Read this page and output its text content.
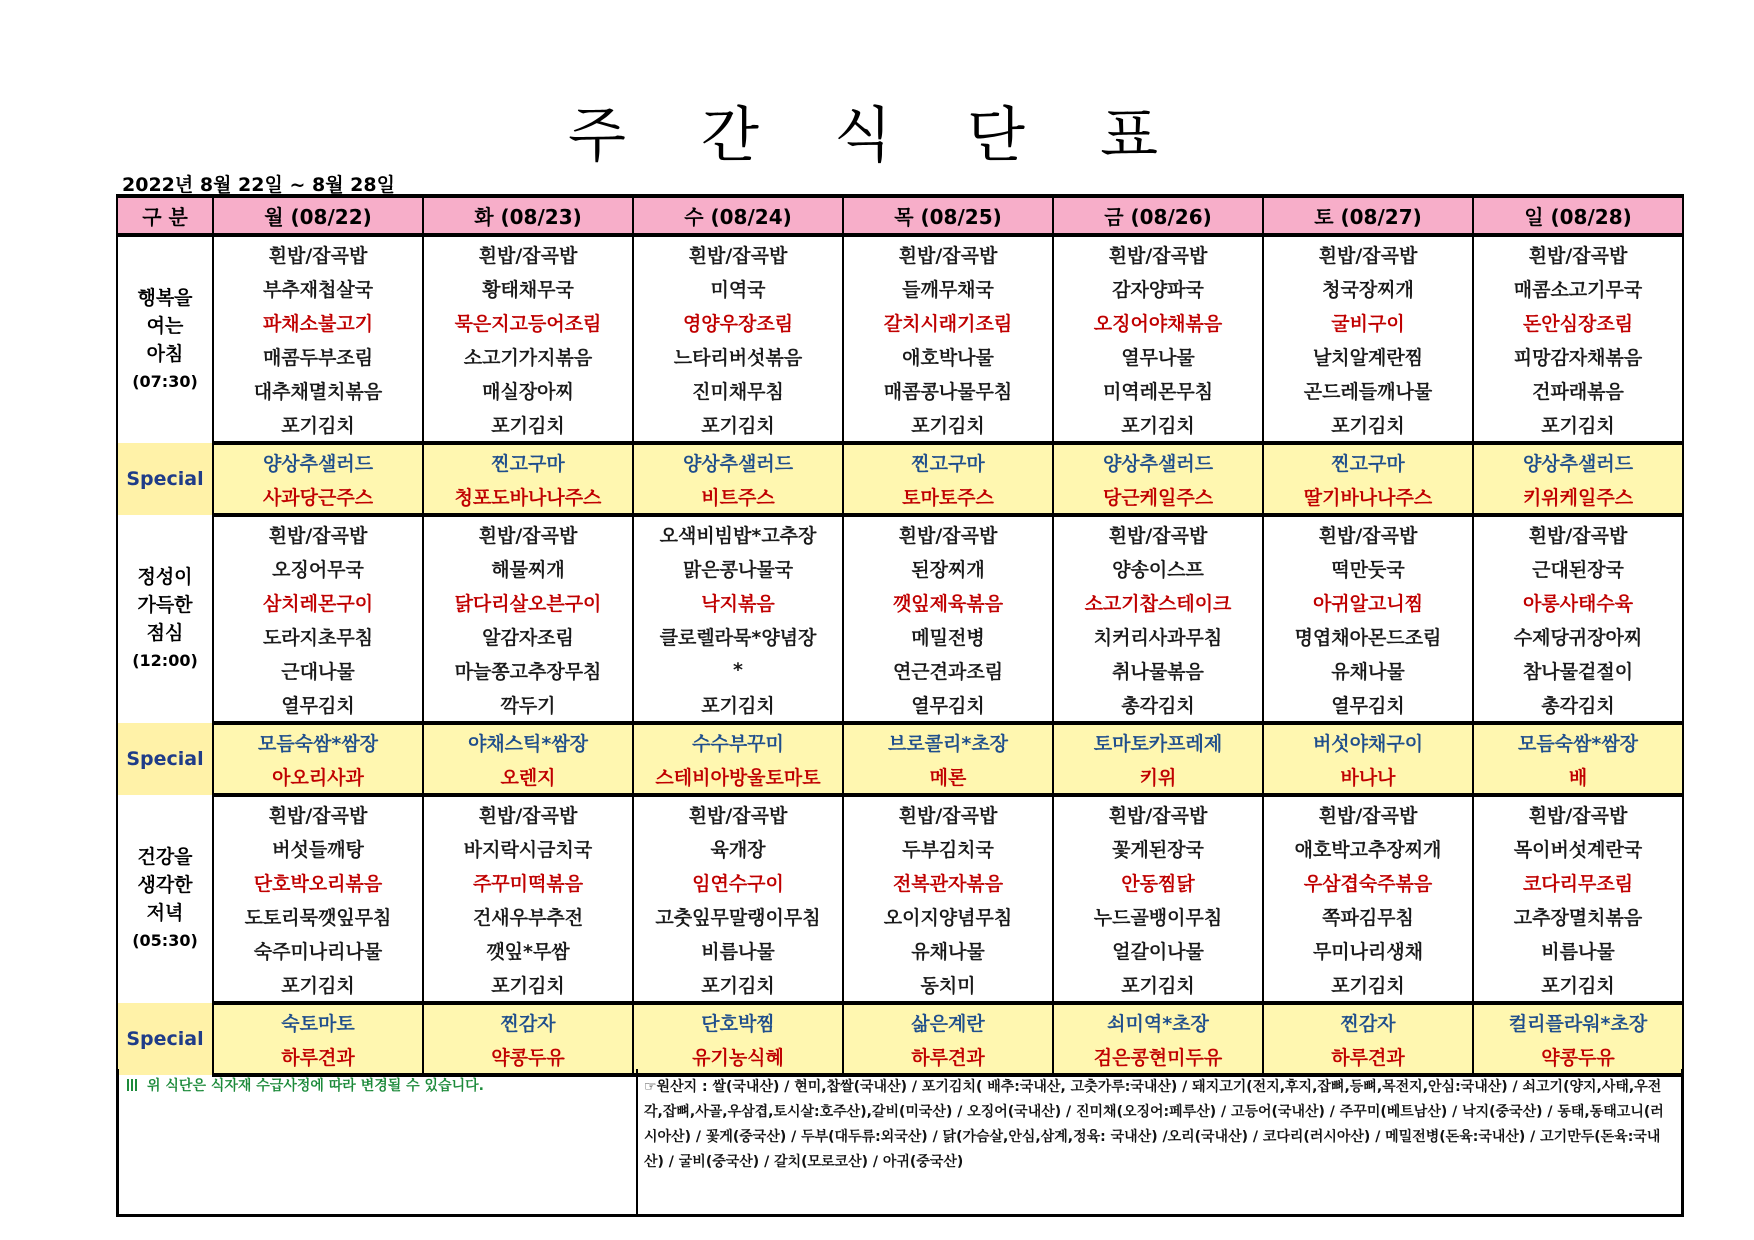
주 간 식 단 표
2022년 8월 22일 ~ 8월 28일
구 분	월 (08/22)	화 (08/23)	수 (08/24)	목 (08/25)	금 (08/26)	토 (08/27)	일 (08/28)

행복을
여는
아침
(07:30)	흰밥/잡곡밥	흰밥/잡곡밥	흰밥/잡곡밥	흰밥/잡곡밥	흰밥/잡곡밥	흰밥/잡곡밥	흰밥/잡곡밥
	부추재첩살국	황태채무국	미역국	들깨무채국	감자양파국	청국장찌개	매콤소고기무국
	파채소불고기	묵은지고등어조림	영양우장조림	갈치시래기조림	오징어야채볶음	굴비구이	돈안심장조림
	매콤두부조림	소고기가지볶음	느타리버섯볶음	애호박나물	열무나물	날치알계란찜	피망감자채볶음
	대추채멸치볶음	매실장아찌	진미채무침	매콤콩나물무침	미역레몬무침	곤드레들깨나물	건파래볶음
	포기김치	포기김치	포기김치	포기김치	포기김치	포기김치	포기김치
Special	양상추샐러드	찐고구마	양상추샐러드	찐고구마	양상추샐러드	찐고구마	양상추샐러드
	사과당근주스	청포도바나나주스	비트주스	토마토주스	당근케일주스	딸기바나나주스	키위케일주스

정성이
가득한
점심
(12:00)	흰밥/잡곡밥	흰밥/잡곡밥	오색비빔밥*고추장	흰밥/잡곡밥	흰밥/잡곡밥	흰밥/잡곡밥	흰밥/잡곡밥
	오징어무국	해물찌개	맑은콩나물국	된장찌개	양송이스프	떡만둣국	근대된장국
	삼치레몬구이	닭다리살오븐구이	낙지볶음	깻잎제육볶음	소고기찹스테이크	아귀알고니찜	아롱사태수육
	도라지초무침	알감자조림	클로렐라묵*양념장	메밀전병	치커리사과무침	명엽채아몬드조림	수제당귀장아찌
	근대나물	마늘쫑고추장무침	*	연근견과조림	취나물볶음	유채나물	참나물겉절이
	열무김치	깍두기	포기김치	열무김치	총각김치	열무김치	총각김치
Special	모듬숙쌈*쌈장	야채스틱*쌈장	수수부꾸미	브로콜리*초장	토마토카프레제	버섯야채구이	모듬숙쌈*쌈장
	아오리사과	오렌지	스테비아방울토마토	메론	키위	바나나	배

건강을
생각한
저녁
(05:30)	흰밥/잡곡밥	흰밥/잡곡밥	흰밥/잡곡밥	흰밥/잡곡밥	흰밥/잡곡밥	흰밥/잡곡밥	흰밥/잡곡밥
	버섯들깨탕	바지락시금치국	육개장	두부김치국	꽃게된장국	애호박고추장찌개	목이버섯계란국
	단호박오리볶음	주꾸미떡볶음	임연수구이	전복관자볶음	안동찜닭	우삼겹숙주볶음	코다리무조림
	도토리묵깻잎무침	건새우부추전	고춧잎무말랭이무침	오이지양념무침	누드골뱅이무침	쪽파김무침	고추장멸치볶음
	숙주미나리나물	깻잎*무쌈	비름나물	유채나물	얼갈이나물	무미나리생채	비름나물
	포기김치	포기김치	포기김치	동치미	포기김치	포기김치	포기김치
Special	숙토마토	찐감자	단호박찜	삶은계란	쇠미역*초장	찐감자	컬리플라워*초장
	하루견과	약콩두유	유기농식혜	하루견과	검은콩현미두유	하루견과	약콩두유
위 식단은 식자재 수급사정에 따라 변경될 수 있습니다.	☞원산지 : 쌀(국내산) / 현미,찹쌀(국내산) / 포기김치( 배추:국내산, 고춧가루:국내산) / 돼지고기(전지,후지,잡뼈,등뼈,목전지,안심:국내산) / 쇠고기(양지,사태,우전각,잡뼈,사골,우삼겹,토시살:호주산),갈비(미국산) / 오징어(국내산) / 진미채(오징어:페루산) / 고등어(국내산) / 주꾸미(베트남산) / 낙지(중국산) / 동태,동태고니(러시아산) / 꽃게(중국산) / 두부(대두류:외국산) / 닭(가슴살,안심,삼계,정육: 국내산) /오리(국내산) / 코다리(러시아산) / 메밀전병(돈육:국내산) / 고기만두(돈육:국내산) / 굴비(중국산) / 갈치(모로코산) / 아귀(중국산)
